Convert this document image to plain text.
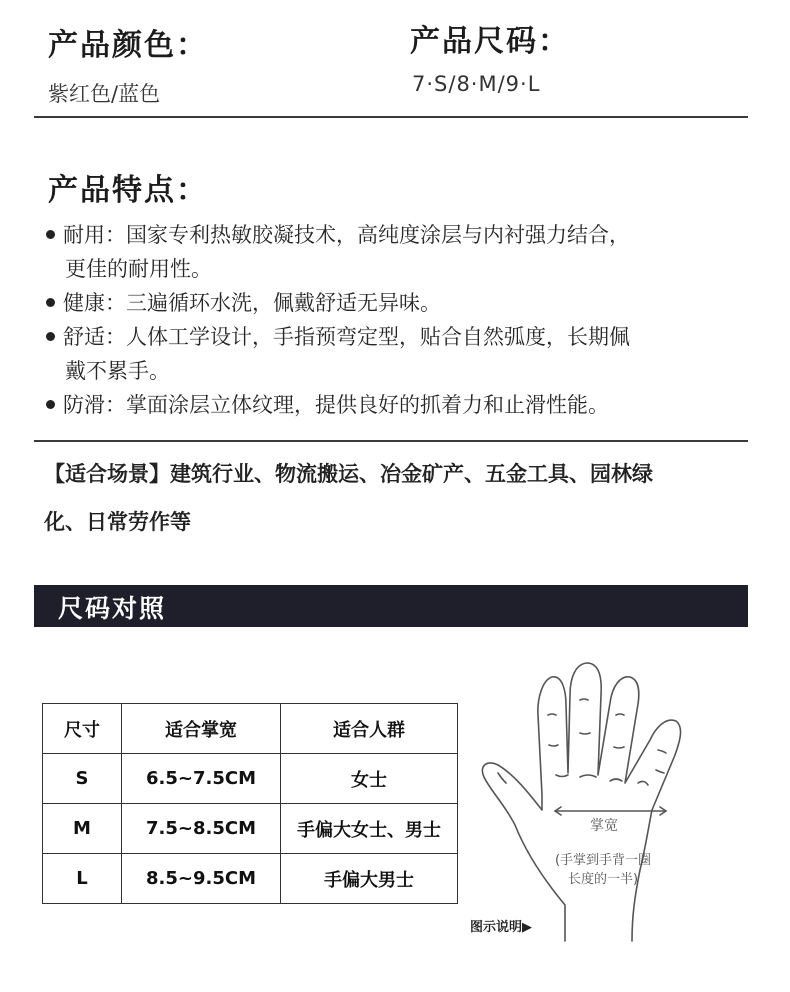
产品颜色：
紫红色/蓝色
产品尺码：
7·S/8·M/9·L
产品特点：
耐用：国家专利热敏胶凝技术，高纯度涂层与内衬强力结合，
更佳的耐用性。
健康：三遍循环水洗，佩戴舒适无异味。
舒适：人体工学设计，手指预弯定型，贴合自然弧度，长期佩
戴不累手。
防滑：掌面涂层立体纹理，提供良好的抓着力和止滑性能。
【适合场景】建筑行业、物流搬运、冶金矿产、五金工具、园林绿
化、日常劳作等
尺码对照
尺寸	适合掌宽	适合人群
S	6.5~7.5CM	女士
M	7.5~8.5CM	手偏大女士、男士
L	8.5~9.5CM	手偏大男士
掌宽
(手掌到手背一圈
长度的一半)
图示说明▶
